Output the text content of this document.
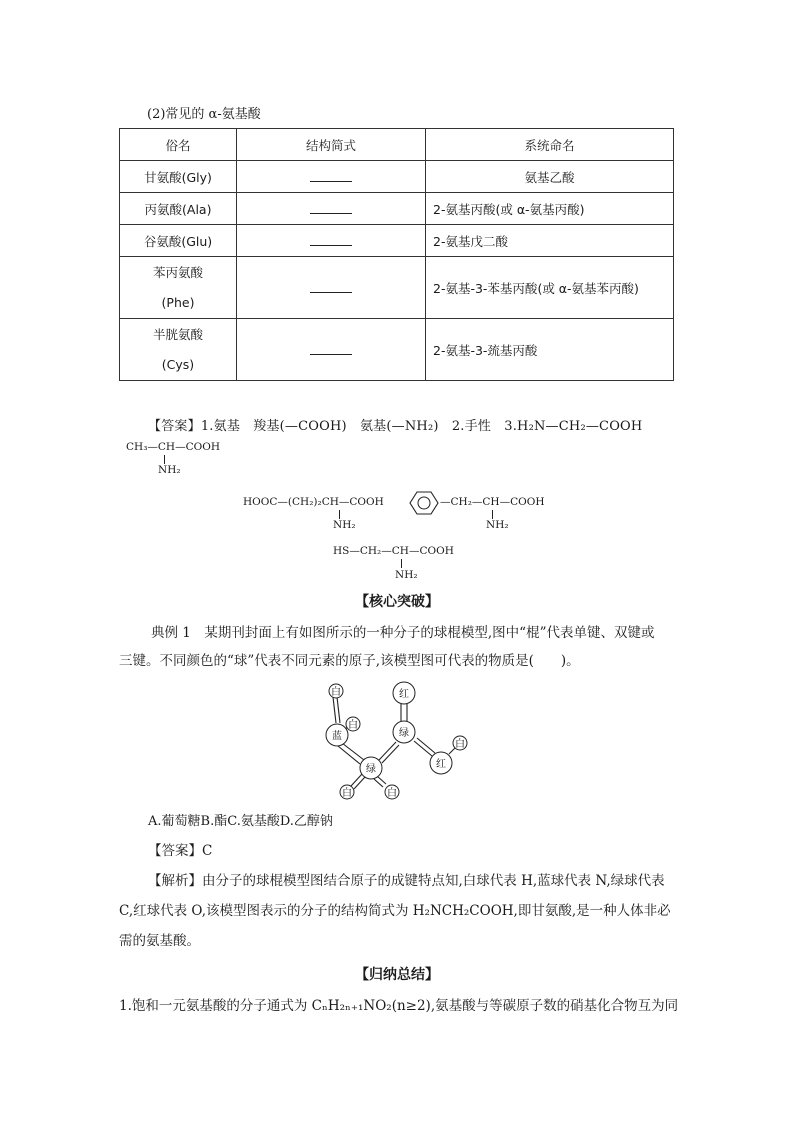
(2)常见的 α-氨基酸
俗名	结构简式	系统命名
甘氨酸(Gly)		氨基乙酸
丙氨酸(Ala)		2-氨基丙酸(或 α-氨基丙酸)
谷氨酸(Glu)		2-氨基戊二酸

苯丙氨酸
(Phe)		2-氨基-3-苯基丙酸(或 α-氨基苯丙酸)

半胱氨酸
(Cys)		2-氨基-3-巯基丙酸
【答案】1.氨基　羧基(—COOH)　氨基(—NH₂)　2.手性　3.H₂N—CH₂—COOH
CH₃—CH—COOH
NH₂
HOOC—(CH₂)₂CH—COOH
NH₂
—CH₂—CH—COOH
NH₂
HS—CH₂—CH—COOH
NH₂
【核心突破】
典例 1　某期刊封面上有如图所示的一种分子的球棍模型,图中“棍”代表单键、双键或
三键。不同颜色的“球”代表不同元素的原子,该模型图可代表的物质是(　　)。
白
白
蓝
绿
绿
红
红
白
白	白
A.葡萄糖B.酯C.氨基酸D.乙醇钠
【答案】C
【解析】由分子的球棍模型图结合原子的成键特点知,白球代表 H,蓝球代表 N,绿球代表
C,红球代表 O,该模型图表示的分子的结构简式为 H₂NCH₂COOH,即甘氨酸,是一种人体非必
需的氨基酸。
【归纳总结】
1.饱和一元氨基酸的分子通式为 CₙH₂ₙ₊₁NO₂(n≥2),氨基酸与等碳原子数的硝基化合物互为同
